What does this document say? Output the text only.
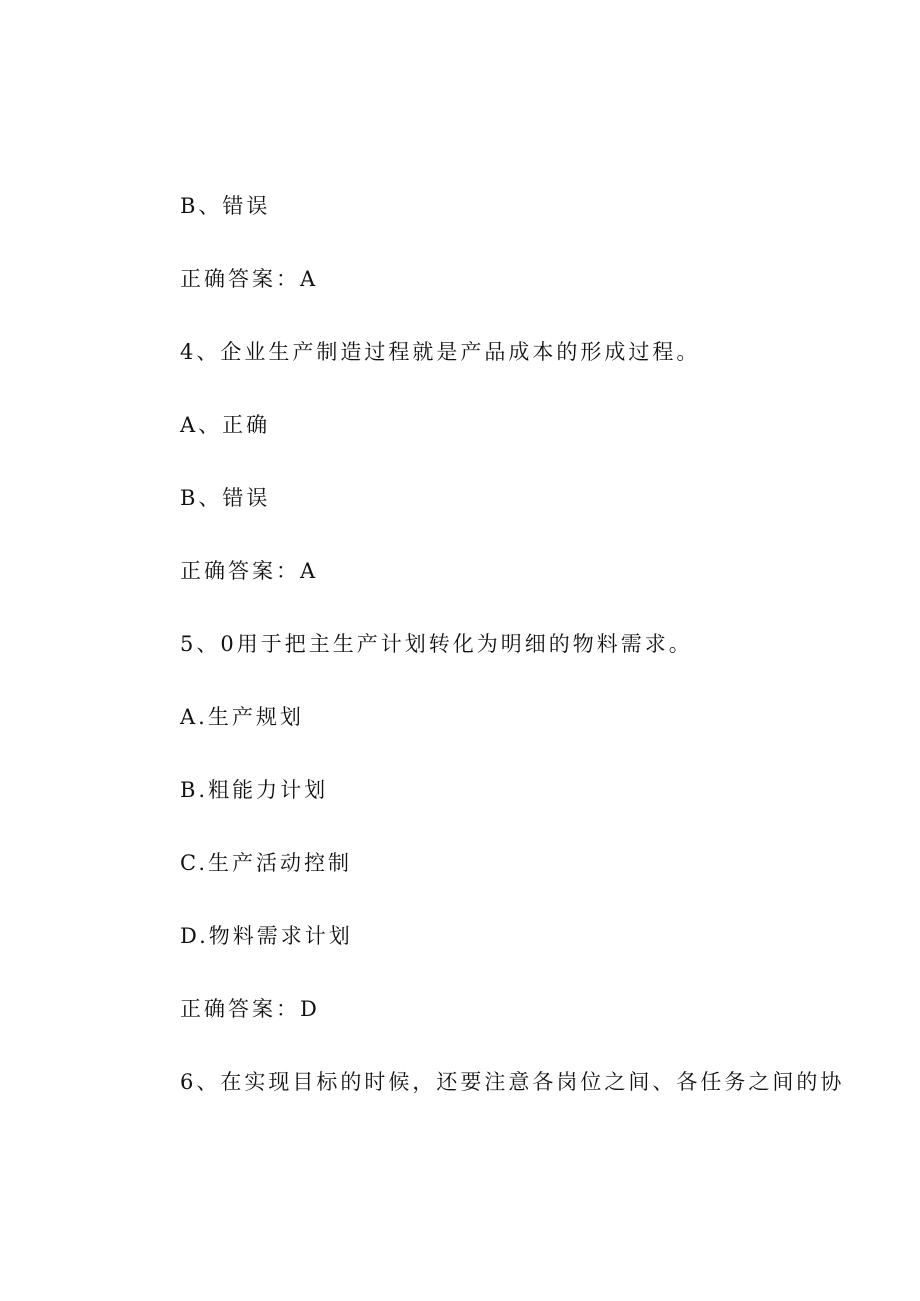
B、错误
正确答案：A
4、企业生产制造过程就是产品成本的形成过程。
A、正确
B、错误
正确答案：A
5、0用于把主生产计划转化为明细的物料需求。
A.生产规划
B.粗能力计划
C.生产活动控制
D.物料需求计划
正确答案：D
6、在实现目标的时候，还要注意各岗位之间、各任务之间的协
